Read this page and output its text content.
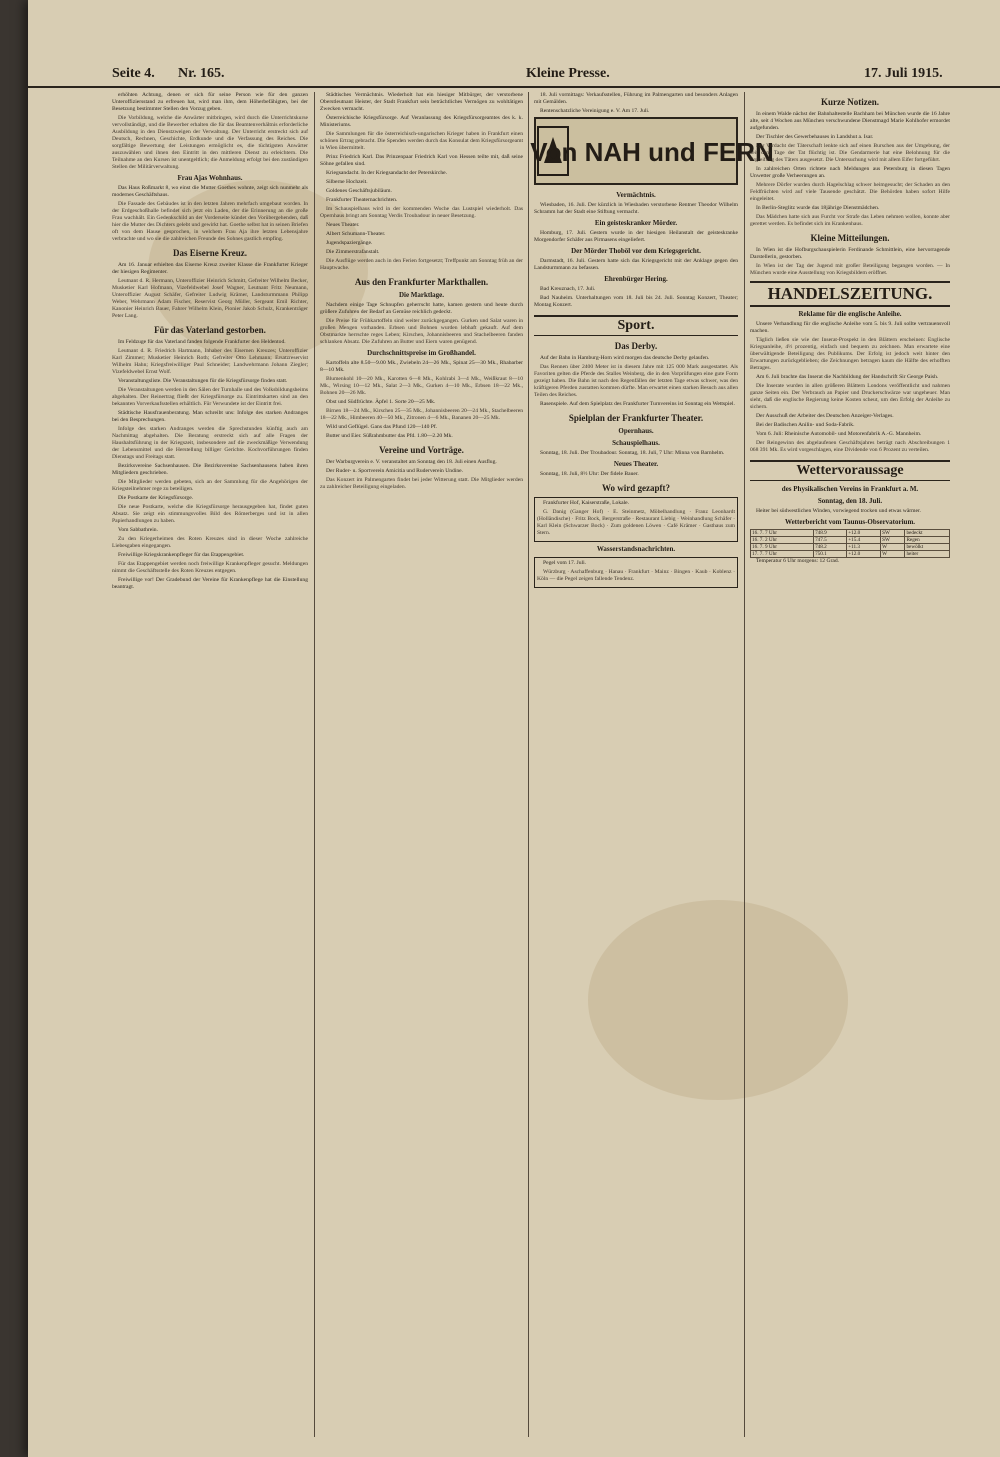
Seite 4. Nr. 165.	Kleine Presse.	17. Juli 1915.

erhöhten Achtung, denen er sich für seine Person wie für den ganzen Unteroffiziersstand zu erfreuen hat, wird man ihm, dem Höherbefähigten, bei der Besetzung bestimmter Stellen den Vorzug geben.

Die Vorbildung, welche die Anwärter mitbringen, wird durch die Unterrichtskurse vervollständigt, und die Bewerber erhalten die für das Beamtenverhältnis erforderliche Ausbildung in den Dienstzweigen der Verwaltung. Der Unterricht erstreckt sich auf Deutsch, Rechnen, Geschichte, Erdkunde und die Verfassung des Reiches. Die sorgfältige Bewertung der Leistungen ermöglicht es, die tüchtigsten Anwärter auszuwählen und ihnen den Eintritt in den mittleren Dienst zu erleichtern. Die Teilnahme an den Kursen ist unentgeltlich; die Anmeldung erfolgt bei den zuständigen Stellen der Militärverwaltung.

Frau Ajas Wohnhaus.

Das Haus Roßmarkt 8, wo einst die Mutter Goethes wohnte, zeigt sich nunmehr als modernes Geschäftshaus.

Die Fassade des Gebäudes ist in den letzten Jahren mehrfach umgebaut worden. In der Erdgeschoßhalle befindet sich jetzt ein Laden, der die Erinnerung an die große Frau wachhält. Ein Gedenkschild an der Vorderseite kündet den Vorübergehenden, daß hier die Mutter des Dichters gelebt und gewirkt hat. Goethe selbst hat in seinen Briefen oft von dem Hause gesprochen, in welchem Frau Aja ihre letzten Lebensjahre verbrachte und wo sie die zahlreichen Freunde des Sohnes gastlich empfing.

Das Eiserne Kreuz.

Am 16. Januar erhielten das Eiserne Kreuz zweiter Klasse die Frankfurter Krieger der hiesigen Regimenter.

Leutnant d. R. Hermann, Unteroffizier Heinrich Schmitt, Gefreiter Wilhelm Becker, Musketier Karl Hofmann, Vizefeldwebel Josef Wagner, Leutnant Fritz Neumann, Unteroffizier August Schäfer, Gefreiter Ludwig Krämer, Landsturmmann Philipp Weber, Wehrmann Adam Fischer, Reservist Georg Müller, Sergeant Emil Richter, Kanonier Heinrich Bauer, Fahrer Wilhelm Klein, Pionier Jakob Schulz, Krankenträger Peter Lang.

Für das Vaterland gestorben.

Im Feldzuge für das Vaterland fanden folgende Frankfurter den Heldentod.

Leutnant d. R. Friedrich Hartmann, Inhaber des Eisernen Kreuzes; Unteroffizier Karl Zimmer; Musketier Heinrich Roth; Gefreiter Otto Lehmann; Ersatzreservist Wilhelm Hahn; Kriegsfreiwilliger Paul Schneider; Landwehrmann Johann Ziegler; Vizefeldwebel Ernst Wolf.

Veranstaltungsliste. Die Veranstaltungen für die Kriegsfürsorge finden statt.

Die Veranstaltungen werden in den Sälen der Turnhalle und des Volksbildungsheims abgehalten. Der Reinertrag fließt der Kriegsfürsorge zu. Eintrittskarten sind an den bekannten Vorverkaufsstellen erhältlich. Für Verwundete ist der Eintritt frei.

Städtische Hausfrauenberatung. Man schreibt uns: Infolge des starken Andranges bei den Besprechungen.

Infolge des starken Andranges werden die Sprechstunden künftig auch am Nachmittag abgehalten. Die Beratung erstreckt sich auf alle Fragen der Haushaltsführung in der Kriegszeit, insbesondere auf die zweckmäßige Verwendung der Lebensmittel und die Herstellung billiger Gerichte. Kochvorführungen finden Dienstags und Freitags statt.

Bezirksvereine Sachsenhausen. Die Bezirksvereine Sachsenhausens haben ihren Mitgliedern geschrieben.

Die Mitglieder werden gebeten, sich an der Sammlung für die Angehörigen der Kriegsteilnehmer rege zu beteiligen.

Die Postkarte der Kriegsfürsorge.

Die neue Postkarte, welche die Kriegsfürsorge herausgegeben hat, findet guten Absatz. Sie zeigt ein stimmungsvolles Bild des Römerberges und ist in allen Papierhandlungen zu haben.

Vom Sabbathrein.

Zu den Kriegerheimen des Roten Kreuzes sind in dieser Woche zahlreiche Liebesgaben eingegangen.

Freiwillige Kriegskrankenpfleger für das Etappengebiet.

Für das Etappengebiet werden noch freiwillige Krankenpfleger gesucht. Meldungen nimmt die Geschäftsstelle des Roten Kreuzes entgegen.

Freiwillige vor! Der Gradebund der Vereine für Krankenpflege hat die Einstellung beantragt.

Städtisches Vermächtnis. Wiederholt hat ein hiesiger Mitbürger, der verstorbene Oberstleutnant Heister, der Stadt Frankfurt sein beträchtliches Vermögen zu wohltätigen Zwecken vermacht.

Österreichische Kriegsfürsorge. Auf Veranlassung des Kriegsfürsorgeamtes des k. k. Ministeriums.

Die Sammlungen für die österreichisch-ungarischen Krieger haben in Frankfurt einen schönen Ertrag gebracht. Die Spenden werden durch das Konsulat dem Kriegsfürsorgeamt in Wien übermittelt.

Prinz Friedrich Karl. Das Prinzenpaar Friedrich Karl von Hessen teilte mit, daß seine Söhne gefallen sind.

Kriegsandacht. In der Kriegsandacht der Peterskirche.

Silberne Hochzeit.

Goldenes Geschäftsjubiläum.

Frankfurter Theaternachrichten.

Im Schauspielhaus wird in der kommenden Woche das Lustspiel wiederholt. Das Opernhaus bringt am Sonntag Verdis Troubadour in neuer Besetzung.

Neues Theater.

Albert Schumann-Theater.

Jugendspaziergänge.

Die Zimmerstrafanstalt.

Die Ausflüge werden auch in den Ferien fortgesetzt; Treffpunkt am Sonntag früh an der Hauptwache.

Aus den Frankfurter Markthallen.
Die Marktlage.

Nachdem einige Tage Schnupfen geherrscht hatte, kamen gestern und heute durch größere Zufuhren der Bedarf an Gemüse reichlich gedeckt.

Die Preise für Frühkartoffeln sind weiter zurückgegangen. Gurken und Salat waren in großen Mengen vorhanden. Erbsen und Bohnen wurden lebhaft gekauft. Auf dem Obstmarkte herrschte reges Leben; Kirschen, Johannisbeeren und Stachelbeeren fanden schlanken Absatz. Die Zufuhren an Butter und Eiern waren genügend.

Durchschnittspreise im Großhandel.

Kartoffeln alte 8.50—9.00 Mk., Zwiebeln 24—26 Mk., Spinat 25—30 Mk., Rhabarber 8—10 Mk.

Blumenkohl 10—20 Mk., Karotten 6—8 Mk., Kohlrabi 3—4 Mk., Weißkraut 8—10 Mk., Wirsing 10—12 Mk., Salat 2—3 Mk., Gurken 4—10 Mk., Erbsen 18—22 Mk., Bohnen 20—26 Mk.

Obst und Südfrüchte. Äpfel 1. Sorte 20—25 Mk.

Birnen 18—24 Mk., Kirschen 25—35 Mk., Johannisbeeren 20—24 Mk., Stachelbeeren 18—22 Mk., Himbeeren 40—50 Mk., Zitronen 4—6 Mk., Bananen 20—25 Mk.

Wild und Geflügel. Gans das Pfund 120—140 Pf.

Butter und Eier. Süßrahmbutter das Pfd. 1.80—2.20 Mk.

Vereine und Vorträge.

Der Warburgverein e. V. veranstaltet am Sonntag den 18. Juli einen Ausflug.

Der Ruder- u. Sportverein Amicitia und Ruderverein Undine.

Das Konzert im Palmengarten findet bei jeder Witterung statt. Die Mitglieder werden zu zahlreicher Beteiligung eingeladen.

18. Juli vormittags: Verkaufsstellen, Führung im Palmengarten und besonders Anlagen mit Gemälden.

Rentenschatzliche Vereinigung e. V. Am 17. Juli.

Von NAH und FERN
Vermächtnis.

Wiesbaden, 16. Juli. Der kürzlich in Wiesbaden verstorbene Rentner Theodor Wilhelm Schramm hat der Stadt eine Stiftung vermacht.

Ein geisteskranker Mörder.

Homburg, 17. Juli. Gestern wurde in der hiesigen Heilanstalt der geisteskranke Morgendorfer Schäfer aus Pirmasens eingeliefert.

Der Mörder Thoböl vor dem Kriegsgericht.

Darmstadt, 16. Juli. Gestern hatte sich das Kriegsgericht mit der Anklage gegen den Landsturmmann zu befassen.

Ehrenbürger Hering.

Bad Kreuznach, 17. Juli.

Bad Nauheim. Unterhaltungen vom 18. Juli bis 24. Juli. Sonntag Konzert, Theater; Montag Konzert.

Sport.
Das Derby.

Auf der Bahn in Hamburg-Horn wird morgen das deutsche Derby gelaufen.

Das Rennen über 2400 Meter ist in diesem Jahre mit 125 000 Mark ausgestattet. Als Favoriten gelten die Pferde des Stalles Weinberg, die in den Vorprüfungen eine gute Form gezeigt haben. Die Bahn ist nach den Regenfällen der letzten Tage etwas schwer, was den kräftigeren Pferden zustatten kommen dürfte. Man erwartet einen starken Besuch aus allen Teilen des Reiches.

Rasenspiele. Auf dem Spielplatz des Frankfurter Turnvereins ist Sonntag ein Wettspiel.

Spielplan der Frankfurter Theater.
Opernhaus.
Schauspielhaus.

Sonntag, 18. Juli. Der Troubadour. Sonntag, 18. Juli, 7 Uhr: Minna von Barnhelm.

Neues Theater.

Sonntag, 18. Juli, 8½ Uhr: Der fidele Bauer.

Wo wird gezapft?

Frankfurter Hof, Kaiserstraße, Lokale.

G. Danig (Ganger Hof) · E. Steinmetz, Möbelhandlung · Franz Leonhardt (Holländische) · Fritz Bock, Bergerstraße · Restaurant Liebig · Weinhandlung Schäfer · Karl Klein (Schwarzer Bock) · Zum goldenen Löwen · Café Krämer · Gasthaus zum Stern.

Wasserstandsnachrichten.

Pegel vom 17. Juli.

Würzburg · Aschaffenburg · Hanau · Frankfurt · Mainz · Bingen · Kaub · Koblenz · Köln — die Pegel zeigen fallende Tendenz.

Kurze Notizen.

In einem Walde nächst der Bahnhaltestelle Bachham bei München wurde die 16 Jahre alte, seit 4 Wochen aus München verschwundene Dienstmagd Marie Kohlhofer ermordet aufgefunden.

Der Tischler des Gewerbehauses in Landshut a. Isar.

Der Verdacht der Täterschaft lenkte sich auf einen Burschen aus der Umgebung, der seit dem Tage der Tat flüchtig ist. Die Gendarmerie hat eine Belohnung für die Ergreifung des Täters ausgesetzt. Die Untersuchung wird mit allem Eifer fortgeführt.

In zahlreichen Orten richtete nach Meldungen aus Petersburg in diesen Tagen Unwetter große Verheerungen an.

Mehrere Dörfer wurden durch Hagelschlag schwer heimgesucht; der Schaden an den Feldfrüchten wird auf viele Tausende geschätzt. Die Behörden haben sofort Hilfe eingeleitet.

In Berlin-Steglitz wurde das 18jährige Dienstmädchen.

Das Mädchen hatte sich aus Furcht vor Strafe das Leben nehmen wollen, konnte aber gerettet werden. Es befindet sich im Krankenhaus.

Kleine Mitteilungen.

In Wien ist die Hofburgschauspielerin Ferdinande Schmittlein, eine hervorragende Darstellerin, gestorben.

In Wien ist der Tag der Jugend mit großer Beteiligung begangen worden. — In München wurde eine Ausstellung von Kriegsbildern eröffnet.

HANDELSZEITUNG.
Reklame für die englische Anleihe.

Unsere Verhandlung für die englische Anleihe vom 5. bis 9. Juli sollte vertrauensvoll machen.

Täglich ließen sie wie der Inserat-Prospekt in den Blättern erscheinen: Englische Kriegsanleihe, 4½ prozentig, einfach und bequem zu zeichnen. Man erwartete eine überwältigende Beteiligung des Publikums. Der Erfolg ist jedoch weit hinter den Erwartungen zurückgeblieben; die Zeichnungen betragen kaum die Hälfte des erhofften Betrages.

Am 6. Juli brachte das Inserat die Nachbildung der Handschrift Sir George Paish.

Die Inserate wurden in allen größeren Blättern Londons veröffentlicht und nahmen ganze Seiten ein. Der Verbrauch an Papier und Druckerschwärze war ungeheuer. Man sieht, daß die englische Regierung keine Kosten scheut, um den Erfolg der Anleihe zu sichern.

Der Ausschuß der Arbeiter des Deutschen Anzeiger-Verlages.

Bei der Badischen Anilin- und Soda-Fabrik.

Vom 6. Juli: Rheinische Automobil- und Motorenfabrik A.-G. Mannheim.

Der Reingewinn des abgelaufenen Geschäftsjahres beträgt nach Abschreibungen 1 068 391 Mk. Es wird vorgeschlagen, eine Dividende von 6 Prozent zu verteilen.

Wettervoraussage
des Physikalischen Vereins in Frankfurt a. M.
Sonntag, den 18. Juli.

Heiter bei südwestlichen Winden, vorwiegend trocken und etwas wärmer.

Wetterbericht vom Taunus-Observatorium.
16. 7. 7 Uhr	748.9	+12.0	SW	bedeckt
16. 7. 2 Uhr	747.5	+15.4	SW	Regen
16. 7. 9 Uhr	748.2	+11.3	W	bewölkt
17. 7. 7 Uhr	750.1	+12.0	W	heiter

Temperatur 6 Uhr morgens: 12 Grad.
